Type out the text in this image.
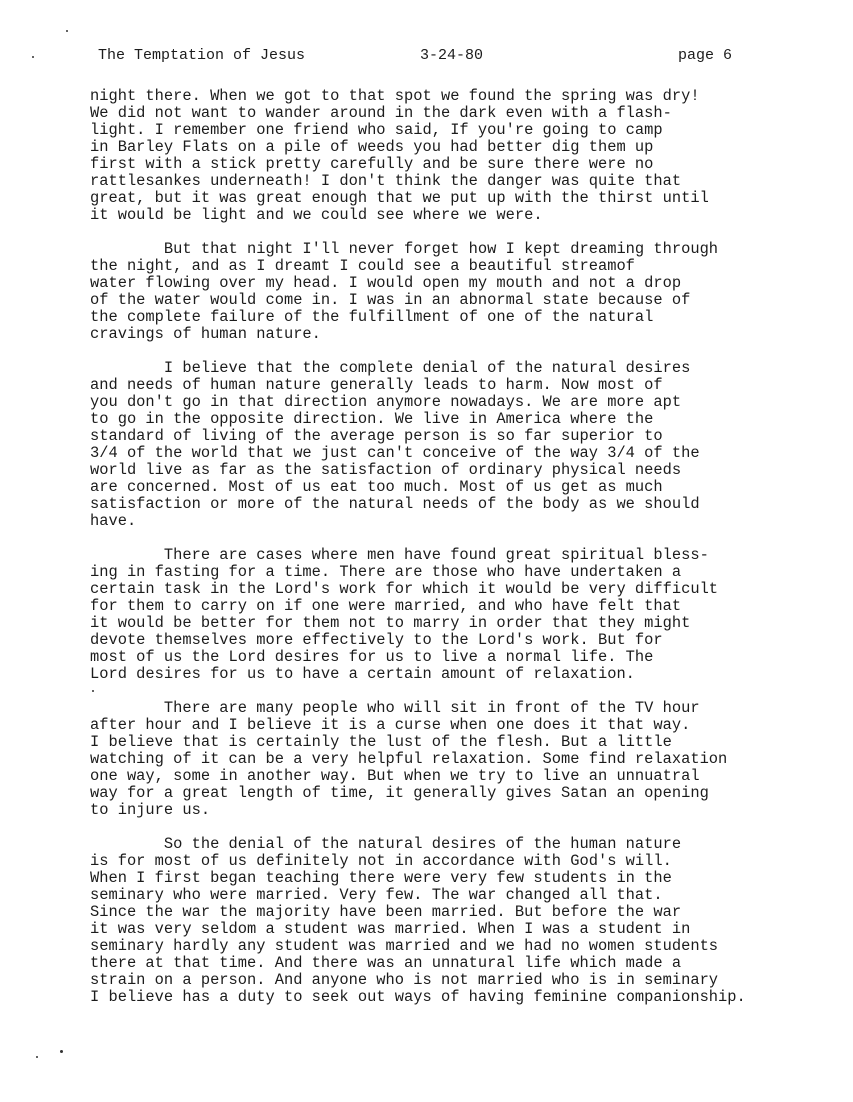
The Temptation of Jesus	3-24-80	page 6
night there. When we got to that spot we found the spring was dry!
We did not want to wander around in the dark even with a flash-
light. I remember one friend who said, If you're going to camp
in Barley Flats on a pile of weeds you had better dig them up
first with a stick pretty carefully and be sure there were no
rattlesankes underneath! I don't think the danger was quite that
great, but it was great enough that we put up with the thirst until
it would be light and we could see where we were.
But that night I'll never forget how I kept dreaming through
the night, and as I dreamt I could see a beautiful streamof
water flowing over my head. I would open my mouth and not a drop
of the water would come in. I was in an abnormal state because of
the complete failure of the fulfillment of one of the natural
cravings of human nature.
I believe that the complete denial of the natural desires
and needs of human nature generally leads to harm. Now most of
you don't go in that direction anymore nowadays. We are more apt
to go in the opposite direction. We live in America where the
standard of living of the average person is so far superior to
3/4 of the world that we just can't conceive of the way 3/4 of the
world live as far as the satisfaction of ordinary physical needs
are concerned. Most of us eat too much. Most of us get as much
satisfaction or more of the natural needs of the body as we should
have.
There are cases where men have found great spiritual bless-
ing in fasting for a time. There are those who have undertaken a
certain task in the Lord's work for which it would be very difficult
for them to carry on if one were married, and who have felt that
it would be better for them not to marry in order that they might
devote themselves more effectively to the Lord's work. But for
most of us the Lord desires for us to live a normal life. The
Lord desires for us to have a certain amount of relaxation.
There are many people who will sit in front of the TV hour
after hour and I believe it is a curse when one does it that way.
I believe that is certainly the lust of the flesh. But a little
watching of it can be a very helpful relaxation. Some find relaxation
one way, some in another way. But when we try to live an unnuatral
way for a great length of time, it generally gives Satan an opening
to injure us.
So the denial of the natural desires of the human nature
is for most of us definitely not in accordance with God's will.
When I first began teaching there were very few students in the
seminary who were married. Very few. The war changed all that.
Since the war the majority have been married. But before the war
it was very seldom a student was married. When I was a student in
seminary hardly any student was married and we had no women students
there at that time. And there was an unnatural life which made a
strain on a person. And anyone who is not married who is in seminary
I believe has a duty to seek out ways of having feminine companionship.
